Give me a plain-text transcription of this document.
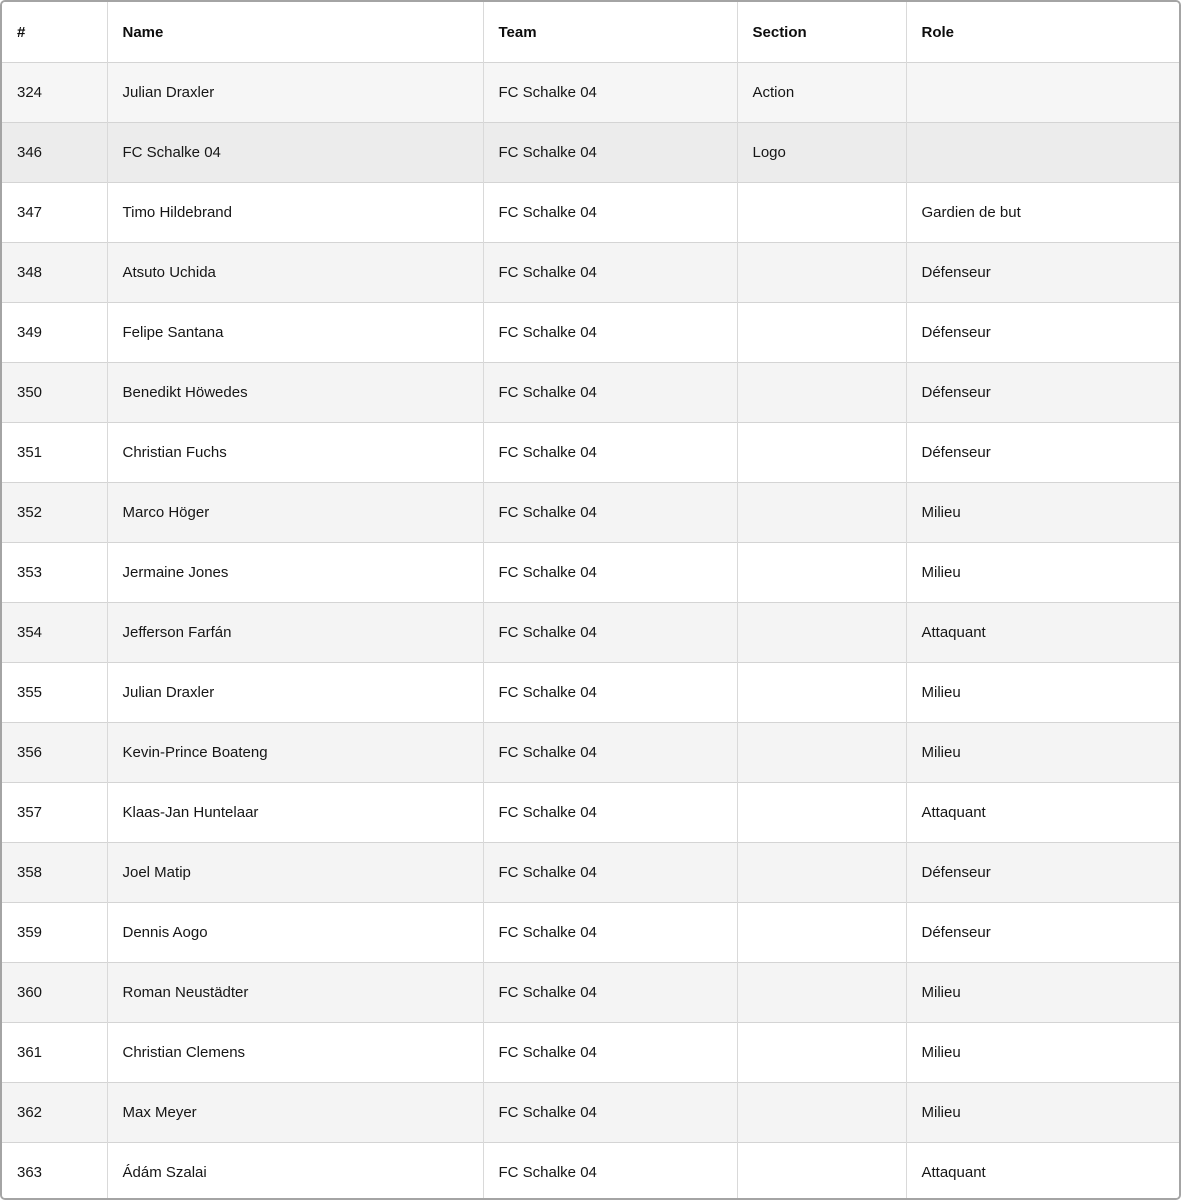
#	Name	Team	Section	Role
324	Julian Draxler	FC Schalke 04	Action	
346	FC Schalke 04	FC Schalke 04	Logo	
347	Timo Hildebrand	FC Schalke 04		Gardien de but
348	Atsuto Uchida	FC Schalke 04		Défenseur
349	Felipe Santana	FC Schalke 04		Défenseur
350	Benedikt Höwedes	FC Schalke 04		Défenseur
351	Christian Fuchs	FC Schalke 04		Défenseur
352	Marco Höger	FC Schalke 04		Milieu
353	Jermaine Jones	FC Schalke 04		Milieu
354	Jefferson Farfán	FC Schalke 04		Attaquant
355	Julian Draxler	FC Schalke 04		Milieu
356	Kevin-Prince Boateng	FC Schalke 04		Milieu
357	Klaas-Jan Huntelaar	FC Schalke 04		Attaquant
358	Joel Matip	FC Schalke 04		Défenseur
359	Dennis Aogo	FC Schalke 04		Défenseur
360	Roman Neustädter	FC Schalke 04		Milieu
361	Christian Clemens	FC Schalke 04		Milieu
362	Max Meyer	FC Schalke 04		Milieu
363	Ádám Szalai	FC Schalke 04		Attaquant
